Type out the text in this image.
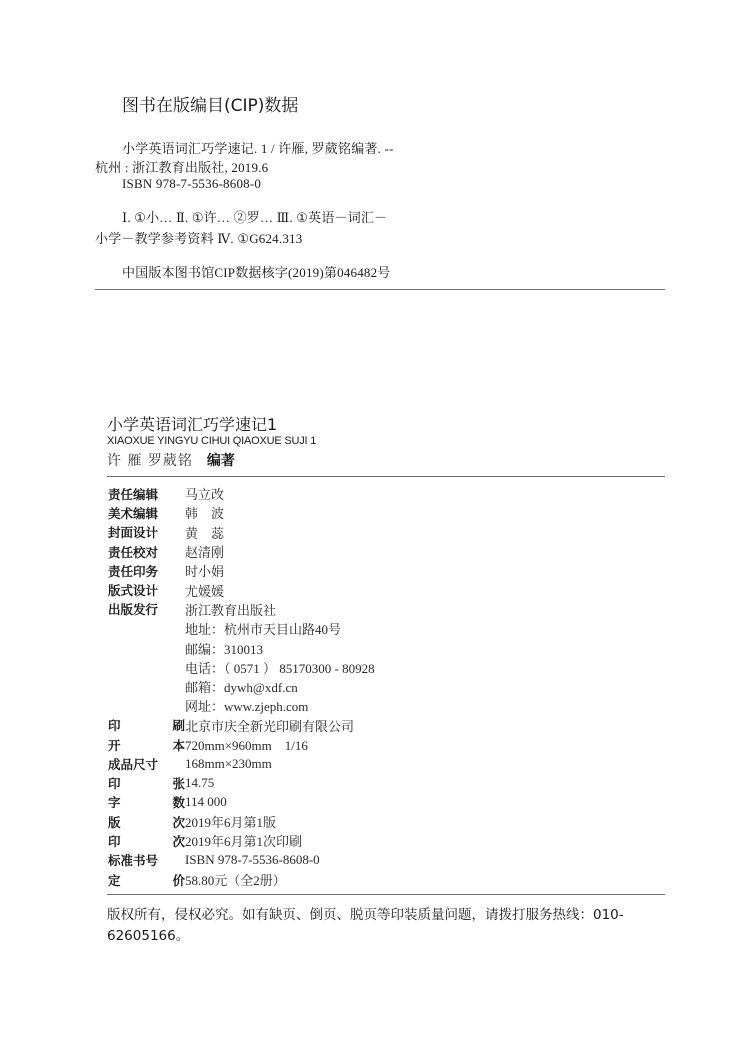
图书在版编目(CIP)数据
小学英语词汇巧学速记. 1 / 许雁, 罗葳铭编著. --
杭州 : 浙江教育出版社, 2019.6
ISBN 978-7-5536-8608-0
Ⅰ. ①小… Ⅱ. ①许… ②罗… Ⅲ. ①英语－词汇－
小学－教学参考资料 Ⅳ. ①G624.313
中国版本图书馆CIP数据核字(2019)第046482号
小学英语词汇巧学速记1
XIAOXUE YINGYU CIHUI QIAOXUE SUJI 1
许 雁 罗葳铭 编著
责任编辑 马立改
美术编辑 韩　波
封面设计 黄　蕊
责任校对 赵清刚
责任印务 时小娟
版式设计 尤媛媛
出版发行 浙江教育出版社
地址：杭州市天目山路40号
邮编：310013
电话：（ 0571 ） 85170300 - 80928
邮箱：dywh@xdf.cn
网址：www.zjeph.com
印	刷 北京市庆全新光印刷有限公司
开	本 720mm×960mm　1/16
成品尺寸 168mm×230mm
印	张 14.75
字	数 114 000
版	次 2019年6月第1版
印	次 2019年6月第1次印刷
标准书号 ISBN 978-7-5536-8608-0
定	价 58.80元（全2册）
版权所有，侵权必究。如有缺页、倒页、脱页等印装质量问题，请拨打服务热线：010-62605166。
